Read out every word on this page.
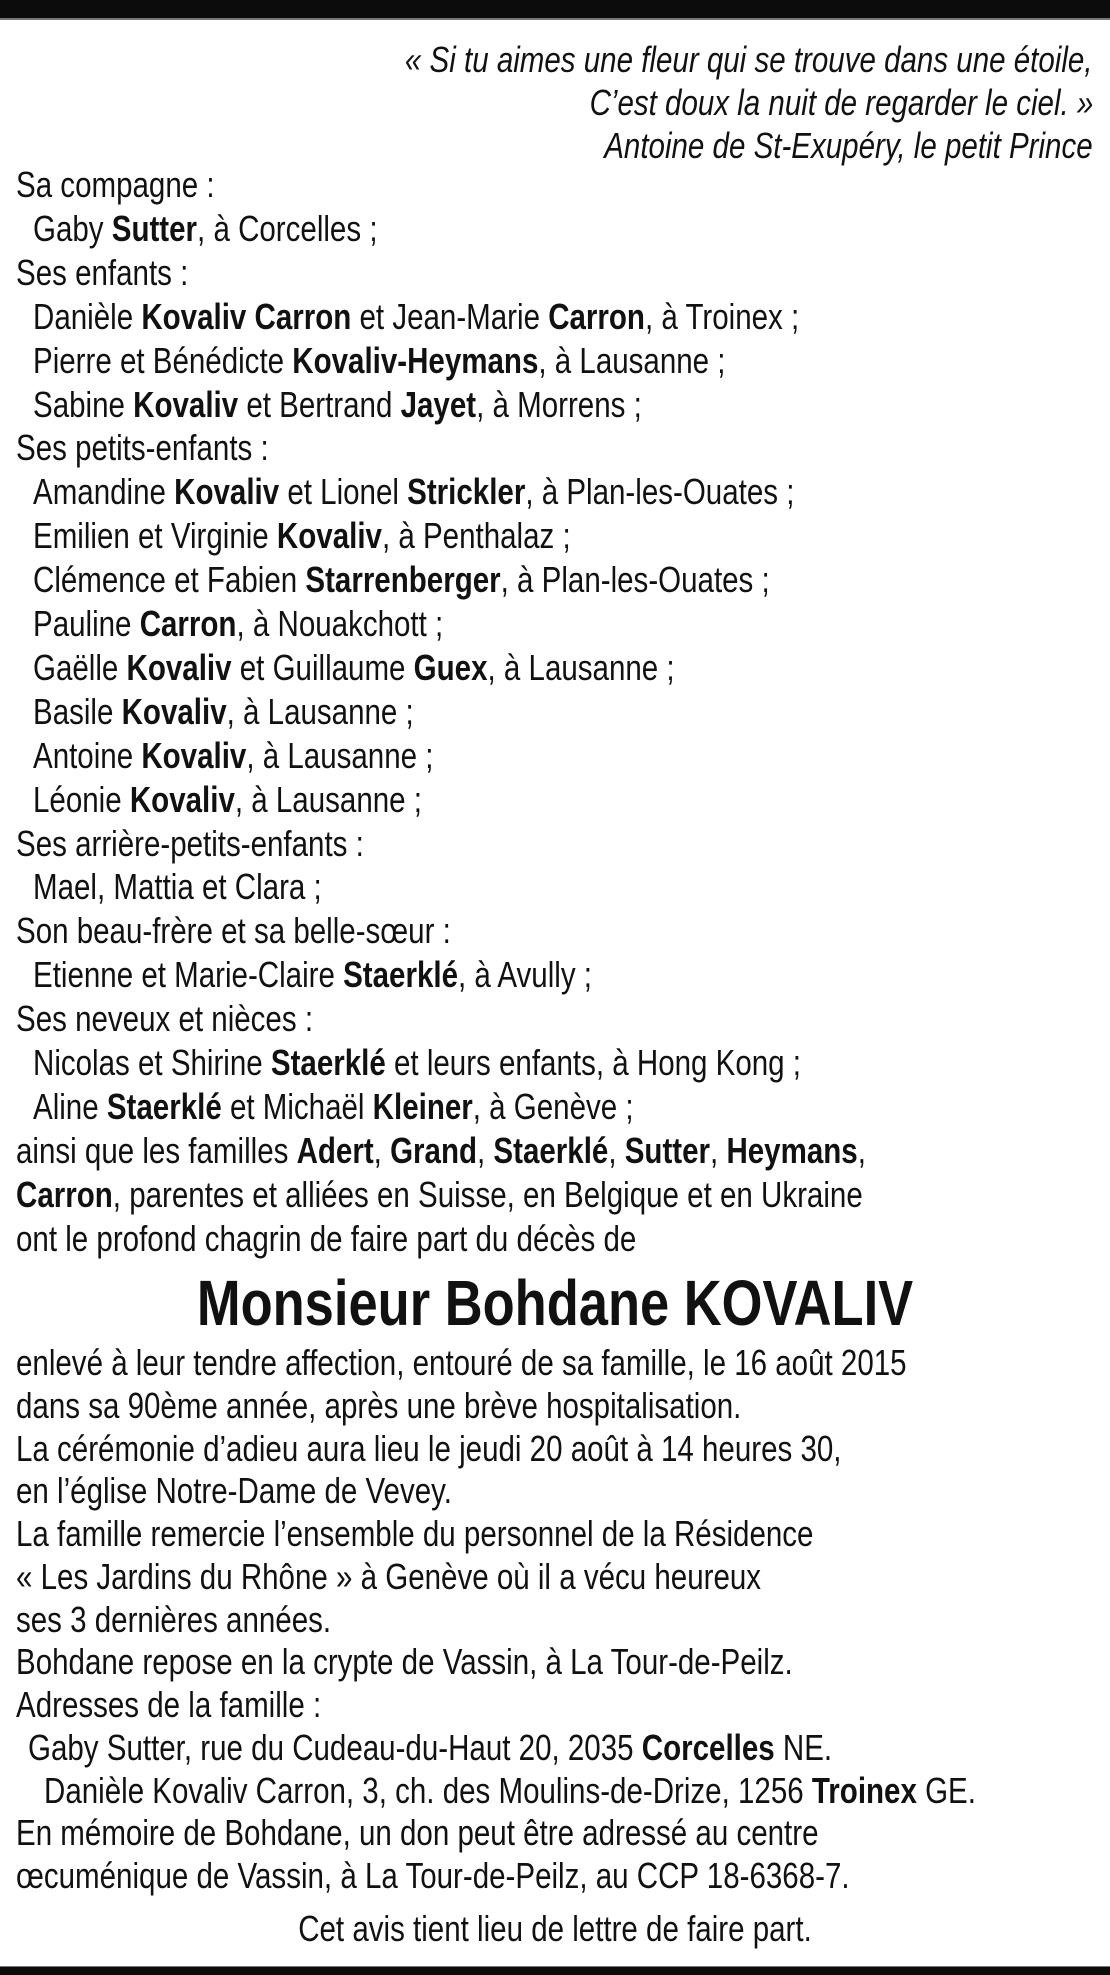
« Si tu aimes une fleur qui se trouve dans une étoile,
C’est doux la nuit de regarder le ciel. »
Antoine de St-Exupéry, le petit Prince
Sa compagne :
Gaby Sutter, à Corcelles ;
Ses enfants :
Danièle Kovaliv Carron et Jean-Marie Carron, à Troinex ;
Pierre et Bénédicte Kovaliv-Heymans, à Lausanne ;
Sabine Kovaliv et Bertrand Jayet, à Morrens ;
Ses petits-enfants :
Amandine Kovaliv et Lionel Strickler, à Plan-les-Ouates ;
Emilien et Virginie Kovaliv, à Penthalaz ;
Clémence et Fabien Starrenberger, à Plan-les-Ouates ;
Pauline Carron, à Nouakchott ;
Gaëlle Kovaliv et Guillaume Guex, à Lausanne ;
Basile Kovaliv, à Lausanne ;
Antoine Kovaliv, à Lausanne ;
Léonie Kovaliv, à Lausanne ;
Ses arrière-petits-enfants :
Mael, Mattia et Clara ;
Son beau-frère et sa belle-sœur :
Etienne et Marie-Claire Staerklé, à Avully ;
Ses neveux et nièces :
Nicolas et Shirine Staerklé et leurs enfants, à Hong Kong ;
Aline Staerklé et Michaël Kleiner, à Genève ;
ainsi que les familles Adert, Grand, Staerklé, Sutter, Heymans,
Carron, parentes et alliées en Suisse, en Belgique et en Ukraine
ont le profond chagrin de faire part du décès de
Monsieur Bohdane KOVALIV
enlevé à leur tendre affection, entouré de sa famille, le 16 août 2015
dans sa 90ème année, après une brève hospitalisation.
La cérémonie d’adieu aura lieu le jeudi 20 août à 14 heures 30,
en l’église Notre-Dame de Vevey.
La famille remercie l’ensemble du personnel de la Résidence
« Les Jardins du Rhône » à Genève où il a vécu heureux
ses 3 dernières années.
Bohdane repose en la crypte de Vassin, à La Tour-de-Peilz.
Adresses de la famille :
Gaby Sutter, rue du Cudeau-du-Haut 20, 2035 Corcelles NE.
Danièle Kovaliv Carron, 3, ch. des Moulins-de-Drize, 1256 Troinex GE.
En mémoire de Bohdane, un don peut être adressé au centre
œcuménique de Vassin, à La Tour-de-Peilz, au CCP 18-6368-7.
Cet avis tient lieu de lettre de faire part.
